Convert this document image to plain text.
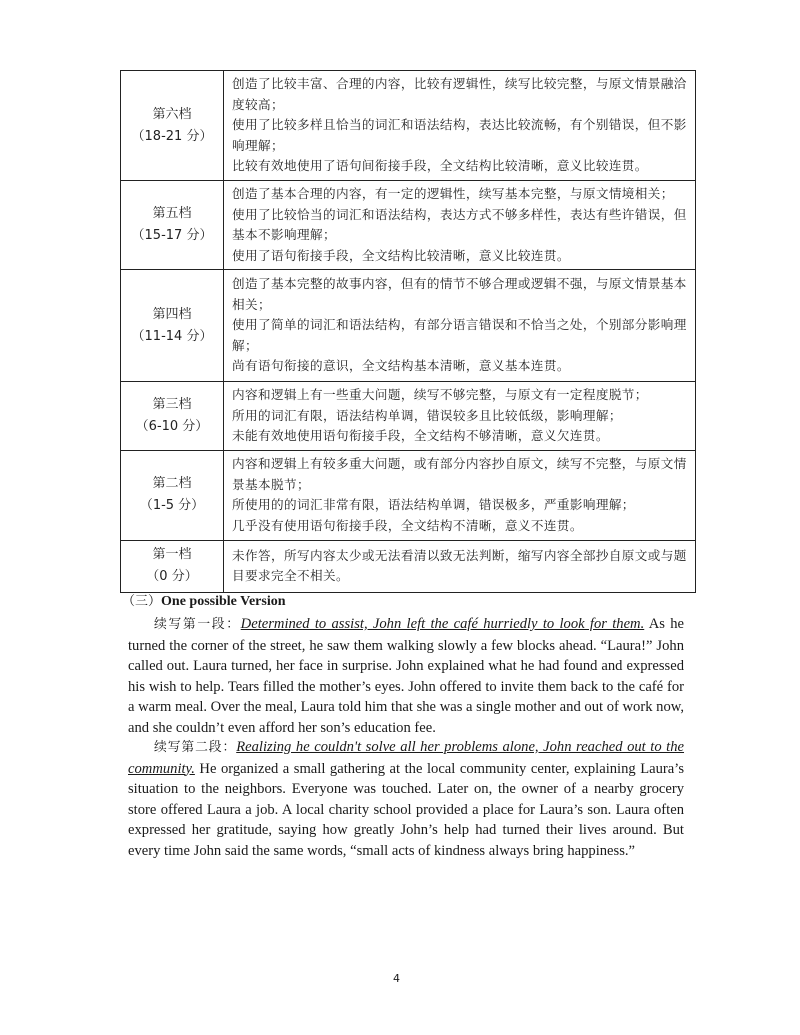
第六档
（18-21 分）

创造了比较丰富、合理的内容，比较有逻辑性，续写比较完整，与原文情景融洽度较高；
使用了比较多样且恰当的词汇和语法结构，表达比较流畅，有个别错误，但不影响理解；
比较有效地使用了语句间衔接手段，全文结构比较清晰，意义比较连贯。

第五档
（15-17 分）

创造了基本合理的内容，有一定的逻辑性，续写基本完整，与原文情境相关；
使用了比较恰当的词汇和语法结构，表达方式不够多样性，表达有些许错误，但基本不影响理解；
使用了语句衔接手段，全文结构比较清晰，意义比较连贯。

第四档
（11-14 分）

创造了基本完整的故事内容，但有的情节不够合理或逻辑不强，与原文情景基本相关；
使用了简单的词汇和语法结构，有部分语言错误和不恰当之处，个别部分影响理解；
尚有语句衔接的意识，全文结构基本清晰，意义基本连贯。

第三档
（6-10 分）

内容和逻辑上有一些重大问题，续写不够完整，与原文有一定程度脱节；
所用的词汇有限，语法结构单调，错误较多且比较低级，影响理解；
未能有效地使用语句衔接手段，全文结构不够清晰，意义欠连贯。

第二档
（1-5 分）

内容和逻辑上有较多重大问题，或有部分内容抄自原文，续写不完整，与原文情景基本脱节；
所使用的的词汇非常有限，语法结构单调，错误极多，严重影响理解；
几乎没有使用语句衔接手段，全文结构不清晰，意义不连贯。

第一档
（0 分）	未作答，所写内容太少或无法看清以致无法判断，缩写内容全部抄自原文或与题目要求完全不相关。
（三）One possible Version

续写第一段：Determined to assist, John left the café hurriedly to look for them. As he turned the corner of the street, he saw them walking slowly a few blocks ahead. “Laura!” John called out. Laura turned, her face in surprise. John explained what he had found and expressed his wish to help. Tears filled the mother’s eyes. John offered to invite them back to the café for a warm meal. Over the meal, Laura told him that she was a single mother and out of work now, and she couldn’t even afford her son’s education fee.

续写第二段：Realizing he couldn't solve all her problems alone, John reached out to the community. He organized a small gathering at the local community center, explaining Laura’s situation to the neighbors. Everyone was touched. Later on, the owner of a nearby grocery store offered Laura a job. A local charity school provided a place for Laura’s son. Laura often expressed her gratitude, saying how greatly John’s help had turned their lives around. But every time John said the same words, “small acts of kindness always bring happiness.”

4
